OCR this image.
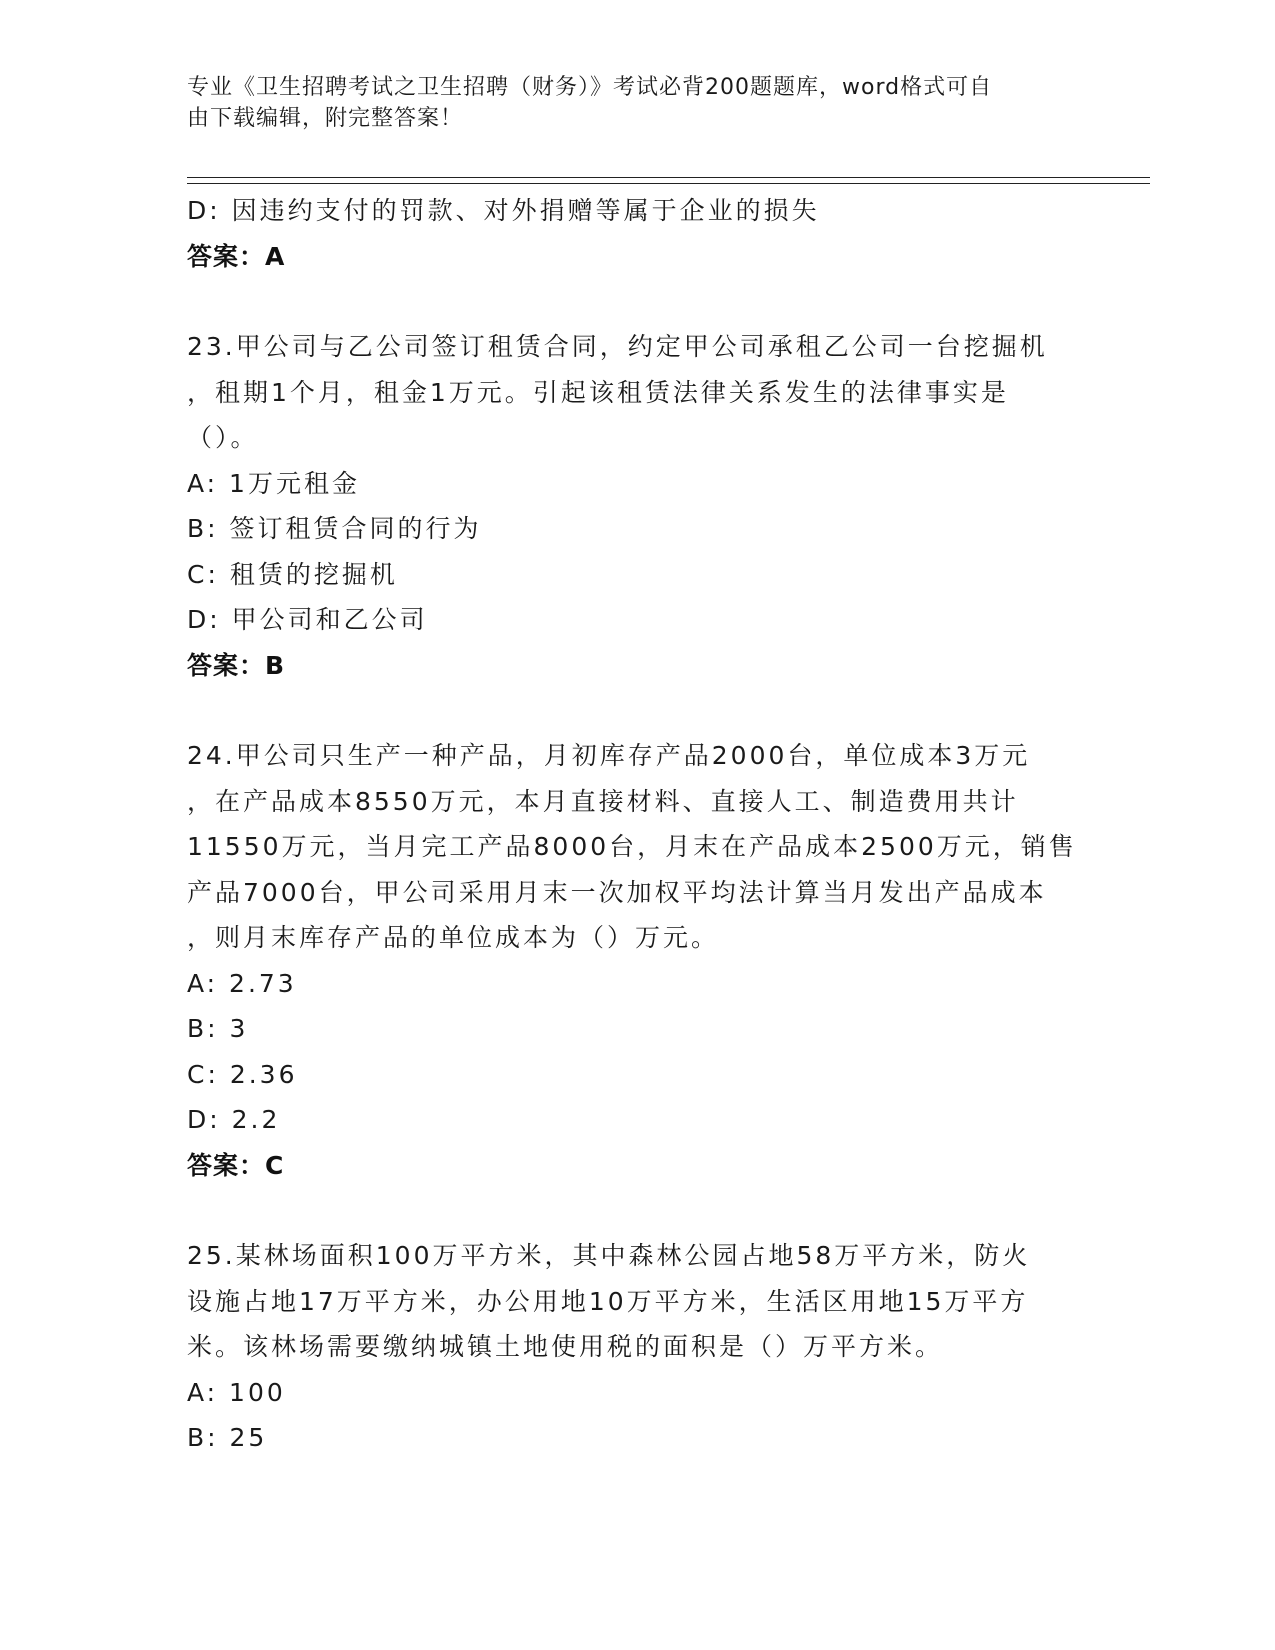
专业《卫生招聘考试之卫生招聘（财务）》考试必背200题题库，word格式可自
由下载编辑，附完整答案！
D: 因违约支付的罚款、对外捐赠等属于企业的损失
答案：A
23.甲公司与乙公司签订租赁合同，约定甲公司承租乙公司一台挖掘机
，租期1个月，租金1万元。引起该租赁法律关系发生的法律事实是
（）。
A: 1万元租金
B: 签订租赁合同的行为
C: 租赁的挖掘机
D: 甲公司和乙公司
答案：B
24.甲公司只生产一种产品，月初库存产品2000台，单位成本3万元
，在产品成本8550万元，本月直接材料、直接人工、制造费用共计
11550万元，当月完工产品8000台，月末在产品成本2500万元，销售
产品7000台，甲公司采用月末一次加权平均法计算当月发出产品成本
，则月末库存产品的单位成本为（）万元。
A: 2.73
B: 3
C: 2.36
D: 2.2
答案：C
25.某林场面积100万平方米，其中森林公园占地58万平方米，防火
设施占地17万平方米，办公用地10万平方米，生活区用地15万平方
米。该林场需要缴纳城镇土地使用税的面积是（）万平方米。
A: 100
B: 25
